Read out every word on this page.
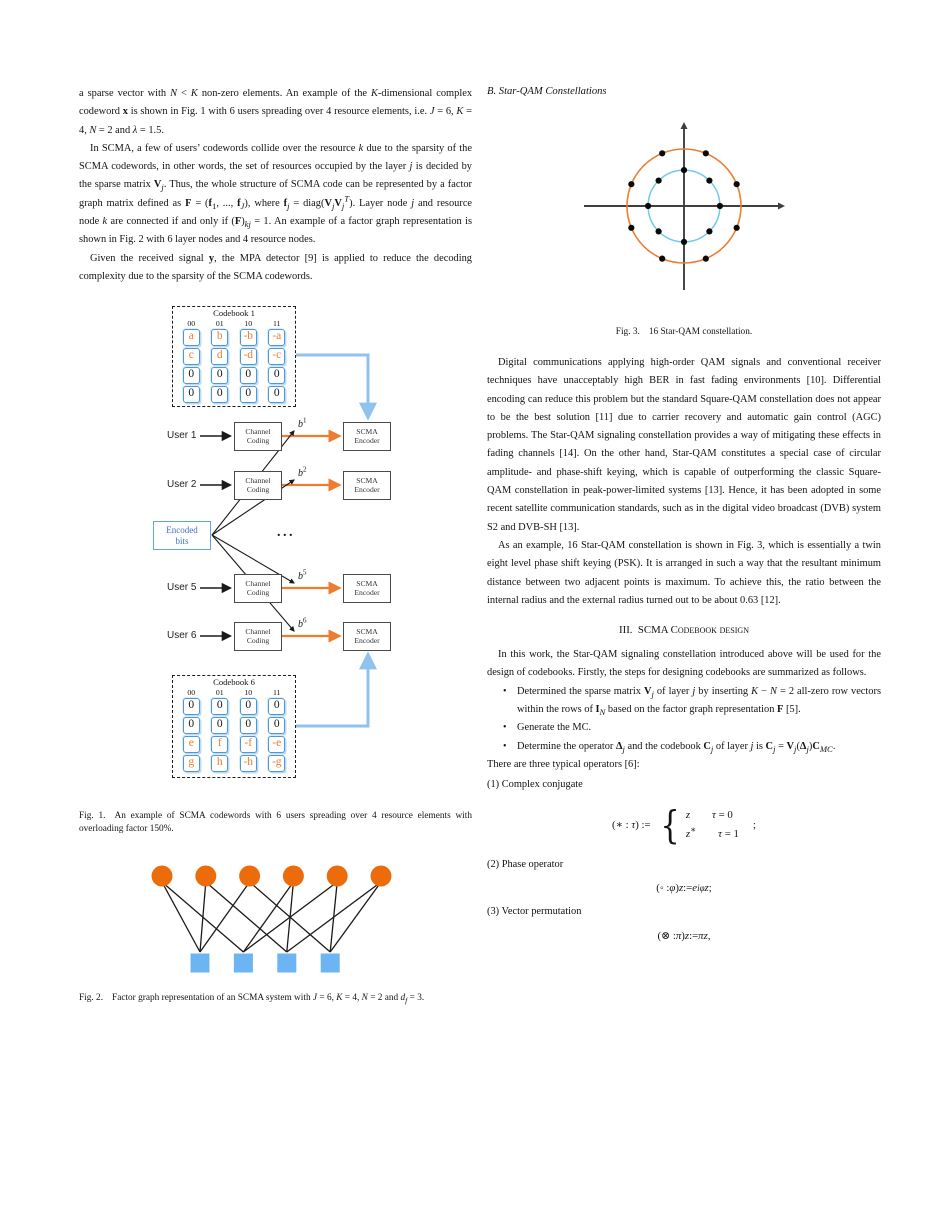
a sparse vector with N < K non-zero elements. An example of the K-dimensional complex codeword x is shown in Fig. 1 with 6 users spreading over 4 resource elements, i.e. J = 6, K = 4, N = 2 and λ = 1.5.

In SCMA, a few of users’ codewords collide over the resource k due to the sparsity of the SCMA codewords, in other words, the set of resources occupied by the layer j is decided by the sparse matrix $V_j$. Thus, the whole structure of SCMA code can be represented by a factor graph matrix defined as $F = (f_1$, ..., $f_J$), where $f_j$ = $diag(V_jV_j^T)$. Layer node j and resource node k are connected if and only if $(F)_{kj} = 1$. An example of a factor graph representation is shown in Fig. 2 with 6 layer nodes and 4 resource nodes.

Given the received signal y, the MPA detector [9] is applied to reduce the decoding complexity due to the sparsity of the SCMA codewords.

Codebook 1
00	01	10	11
a	b	-b	-a
c	d	-d	-c
0	0	0	0
0	0	0	0
Codebook 6
00	01	10	11
0	0	0	0
0	0	0	0
e	f	-f	-e
g	h	-h	-g
Encoded
bits
...
User 1	Channel
Coding
SCMA
Encoder
$b^1$
User 2	Channel
Coding
SCMA
Encoder
$b^2$
User 5	Channel
Coding
SCMA
Encoder
$b^5$
User 6	Channel
Coding
SCMA
Encoder
$b^6$

Fig. 1. An example of SCMA codewords with 6 users spreading over 4 resource elements with overloading factor 150%.

Fig. 2. Factor graph representation of an SCMA system with J = 6, K = 4, N = 2 and $d_f = 3$.

B. Star-QAM Constellations

Fig. 3. 16 Star-QAM constellation.

Digital communications applying high-order QAM signals and conventional receiver techniques have unacceptably high BER in fast fading environments [10]. Differential encoding can reduce this problem but the standard Square-QAM constellation does not appear to be the best solution [11] due to carrier recovery and automatic gain control (AGC) problems. The Star-QAM signaling constellation provides a way of mitigating these effects in fading channels [14]. On the other hand, Star-QAM constitutes a special case of circular amplitude- and phase-shift keying, which is capable of outperforming the classic Square-QAM constellation in peak-power-limited systems [13]. Hence, it has been adopted in some recent satellite communication standards, such as in the digital video broadcast (DVB) system S2 and DVB-SH [13].

As an example, 16 Star-QAM constellation is shown in Fig. 3, which is essentially a twin eight level phase shift keying (PSK). It is arranged in such a way that the resultant minimum distance between two adjacent points is maximum. To achieve this, the ratio between the internal radius and the external radius turned out to be about 0.63 [12].

III. SCMA Codebook design

In this work, the Star-QAM signaling constellation introduced above will be used for the design of codebooks. Firstly, the steps for designing codebooks are summarized as follows.

• Determined the sparse matrix $V_j$ of layer j by inserting K − N = 2 all-zero row vectors within the rows of $I_N$ based on the factor graph representation F [5].
• Generate the MC.
• Determine the operator $\Delta_j$ and the codebook $C_j$ of layer j is $C_j = V_j(\Delta_j)C_{MC}$.

There are three typical operators [6]:

(1) Complex conjugate
(∗ : τ) := { z τ = 0
z∗ τ = 1
;
(2) Phase operator
(◦ : φ ) z := e iφ z ;
(3) Vector permutation
(⊗ : π ) z := πz ,
